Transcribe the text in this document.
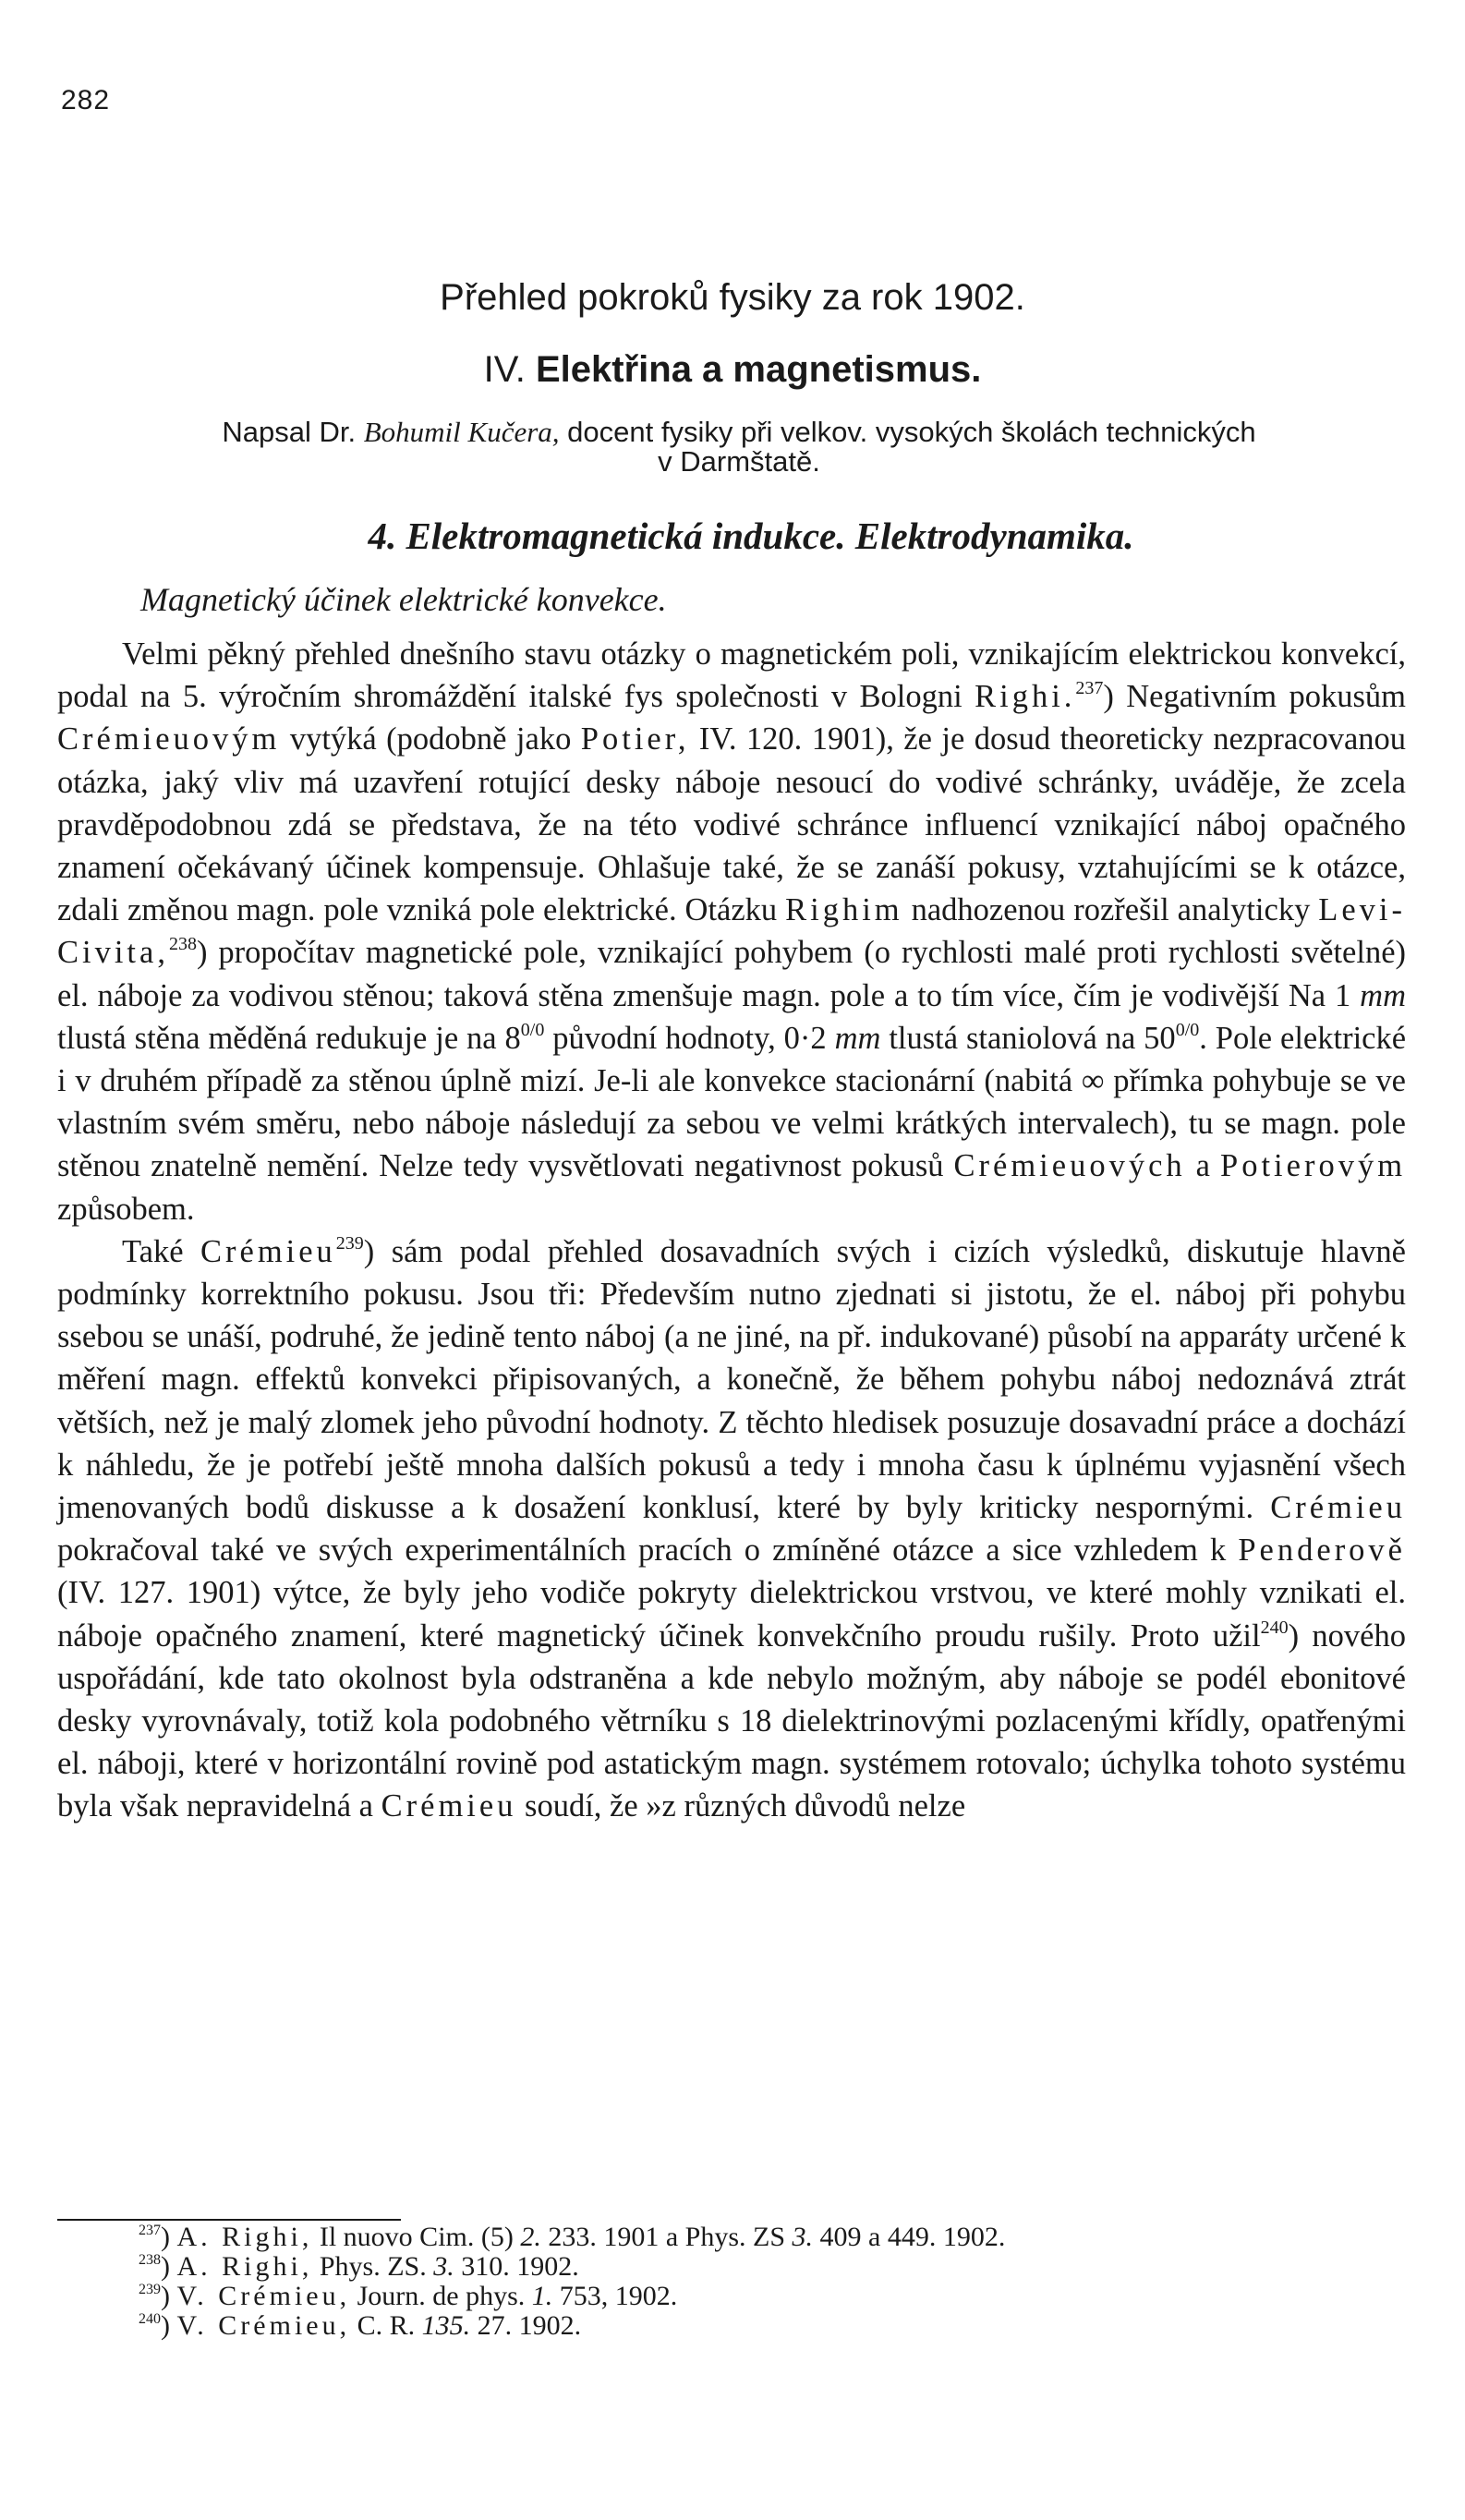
282
Přehled pokroků fysiky za rok 1902.
IV. Elektřina a magnetismus.
Napsal Dr. Bohumil Kučera, docent fysiky při velkov. vysokých školách technických
v Darmštatě.
4. Elektromagnetická indukce. Elektrodynamika.
Magnetický účinek elektrické konvekce.

Velmi pěkný přehled dnešního stavu otázky o magnetickém poli, vznikajícím elektrickou konvekcí, podal na 5. výročním shromáždění italské fys společnosti v Bologni Righi.$^{237}$) Negativním pokusům Crémieuovým vytýká (podobně jako Potier, IV. 120. 1901), že je dosud theoreticky nezpracovanou otázka, jaký vliv má uzavření rotující desky náboje nesoucí do vodivé schránky, uváděje, že zcela pravděpodobnou zdá se představa, že na této vodivé schránce influencí vznikající náboj opačného znamení očekávaný účinek kompensuje. Ohlašuje také, že se zanáší pokusy, vztahujícími se k otázce, zdali změnou magn. pole vzniká pole elektrické. Otázku Righim nadhozenou rozřešil analyticky Levi-Civita,$^{238}$) propočítav magnetické pole, vznikající pohybem (o rychlosti malé proti rychlosti světelné) el. náboje za vodivou stěnou; taková stěna zmenšuje magn. pole a to tím více, čím je vodivější Na 1 mm tlustá stěna měděná redukuje je na $8^{0/0}$ původní hodnoty, 0·2 mm tlustá staniolová na $50^{0/0}$. Pole elektrické i v druhém případě za stěnou úplně mizí. Je-li ale konvekce stacionární (nabitá ∞ přímka pohybuje se ve vlastním svém směru, nebo náboje následují za sebou ve velmi krátkých intervalech), tu se magn. pole stěnou znatelně nemění. Nelze tedy vysvětlovati negativnost pokusů Crémieuových a Potierovým způsobem.

Také Crémieu$^{239}$) sám podal přehled dosavadních svých i cizích výsledků, diskutuje hlavně podmínky korrektního pokusu. Jsou tři: Především nutno zjednati si jistotu, že el. náboj při pohybu ssebou se unáší, podruhé, že jedině tento náboj (a ne jiné, na př. indukované) působí na apparáty určené k měření magn. effektů konvekci připisovaných, a konečně, že během pohybu náboj nedoznává ztrát větších, než je malý zlomek jeho původní hodnoty. Z těchto hledisek posuzuje dosavadní práce a dochází k náhledu, že je potřebí ještě mnoha dalších pokusů a tedy i mnoha času k úplnému vyjasnění všech jmenovaných bodů diskusse a k dosažení konklusí, které by byly kriticky nespornými. Crémieu pokračoval také ve svých experimentálních pracích o zmíněné otázce a sice vzhledem k Penderově (IV. 127. 1901) výtce, že byly jeho vodiče pokryty dielektrickou vrstvou, ve které mohly vznikati el. náboje opačného znamení, které magnetický účinek konvekčního proudu rušily. Proto užil$^{240}$) nového uspořádání, kde tato okolnost byla odstraněna a kde nebylo možným, aby náboje se podél ebonitové desky vyrovnávaly, totiž kola podobného větrníku s 18 dielektrinovými pozlacenými křídly, opatřenými el. náboji, které v horizontální rovině pod astatickým magn. systémem rotovalo; úchylka tohoto systému byla však nepravidelná a Crémieu soudí, že »z různých důvodů nelze

$^{237}$) A. Righi, Il nuovo Cim. (5) 2. 233. 1901 a Phys. ZS 3. 409 a 449. 1902.
$^{238}$) A. Righi, Phys. ZS. 3. 310. 1902.
$^{239}$) V. Crémieu, Journ. de phys. 1. 753, 1902.
$^{240}$) V. Crémieu, C. R. 135. 27. 1902.
